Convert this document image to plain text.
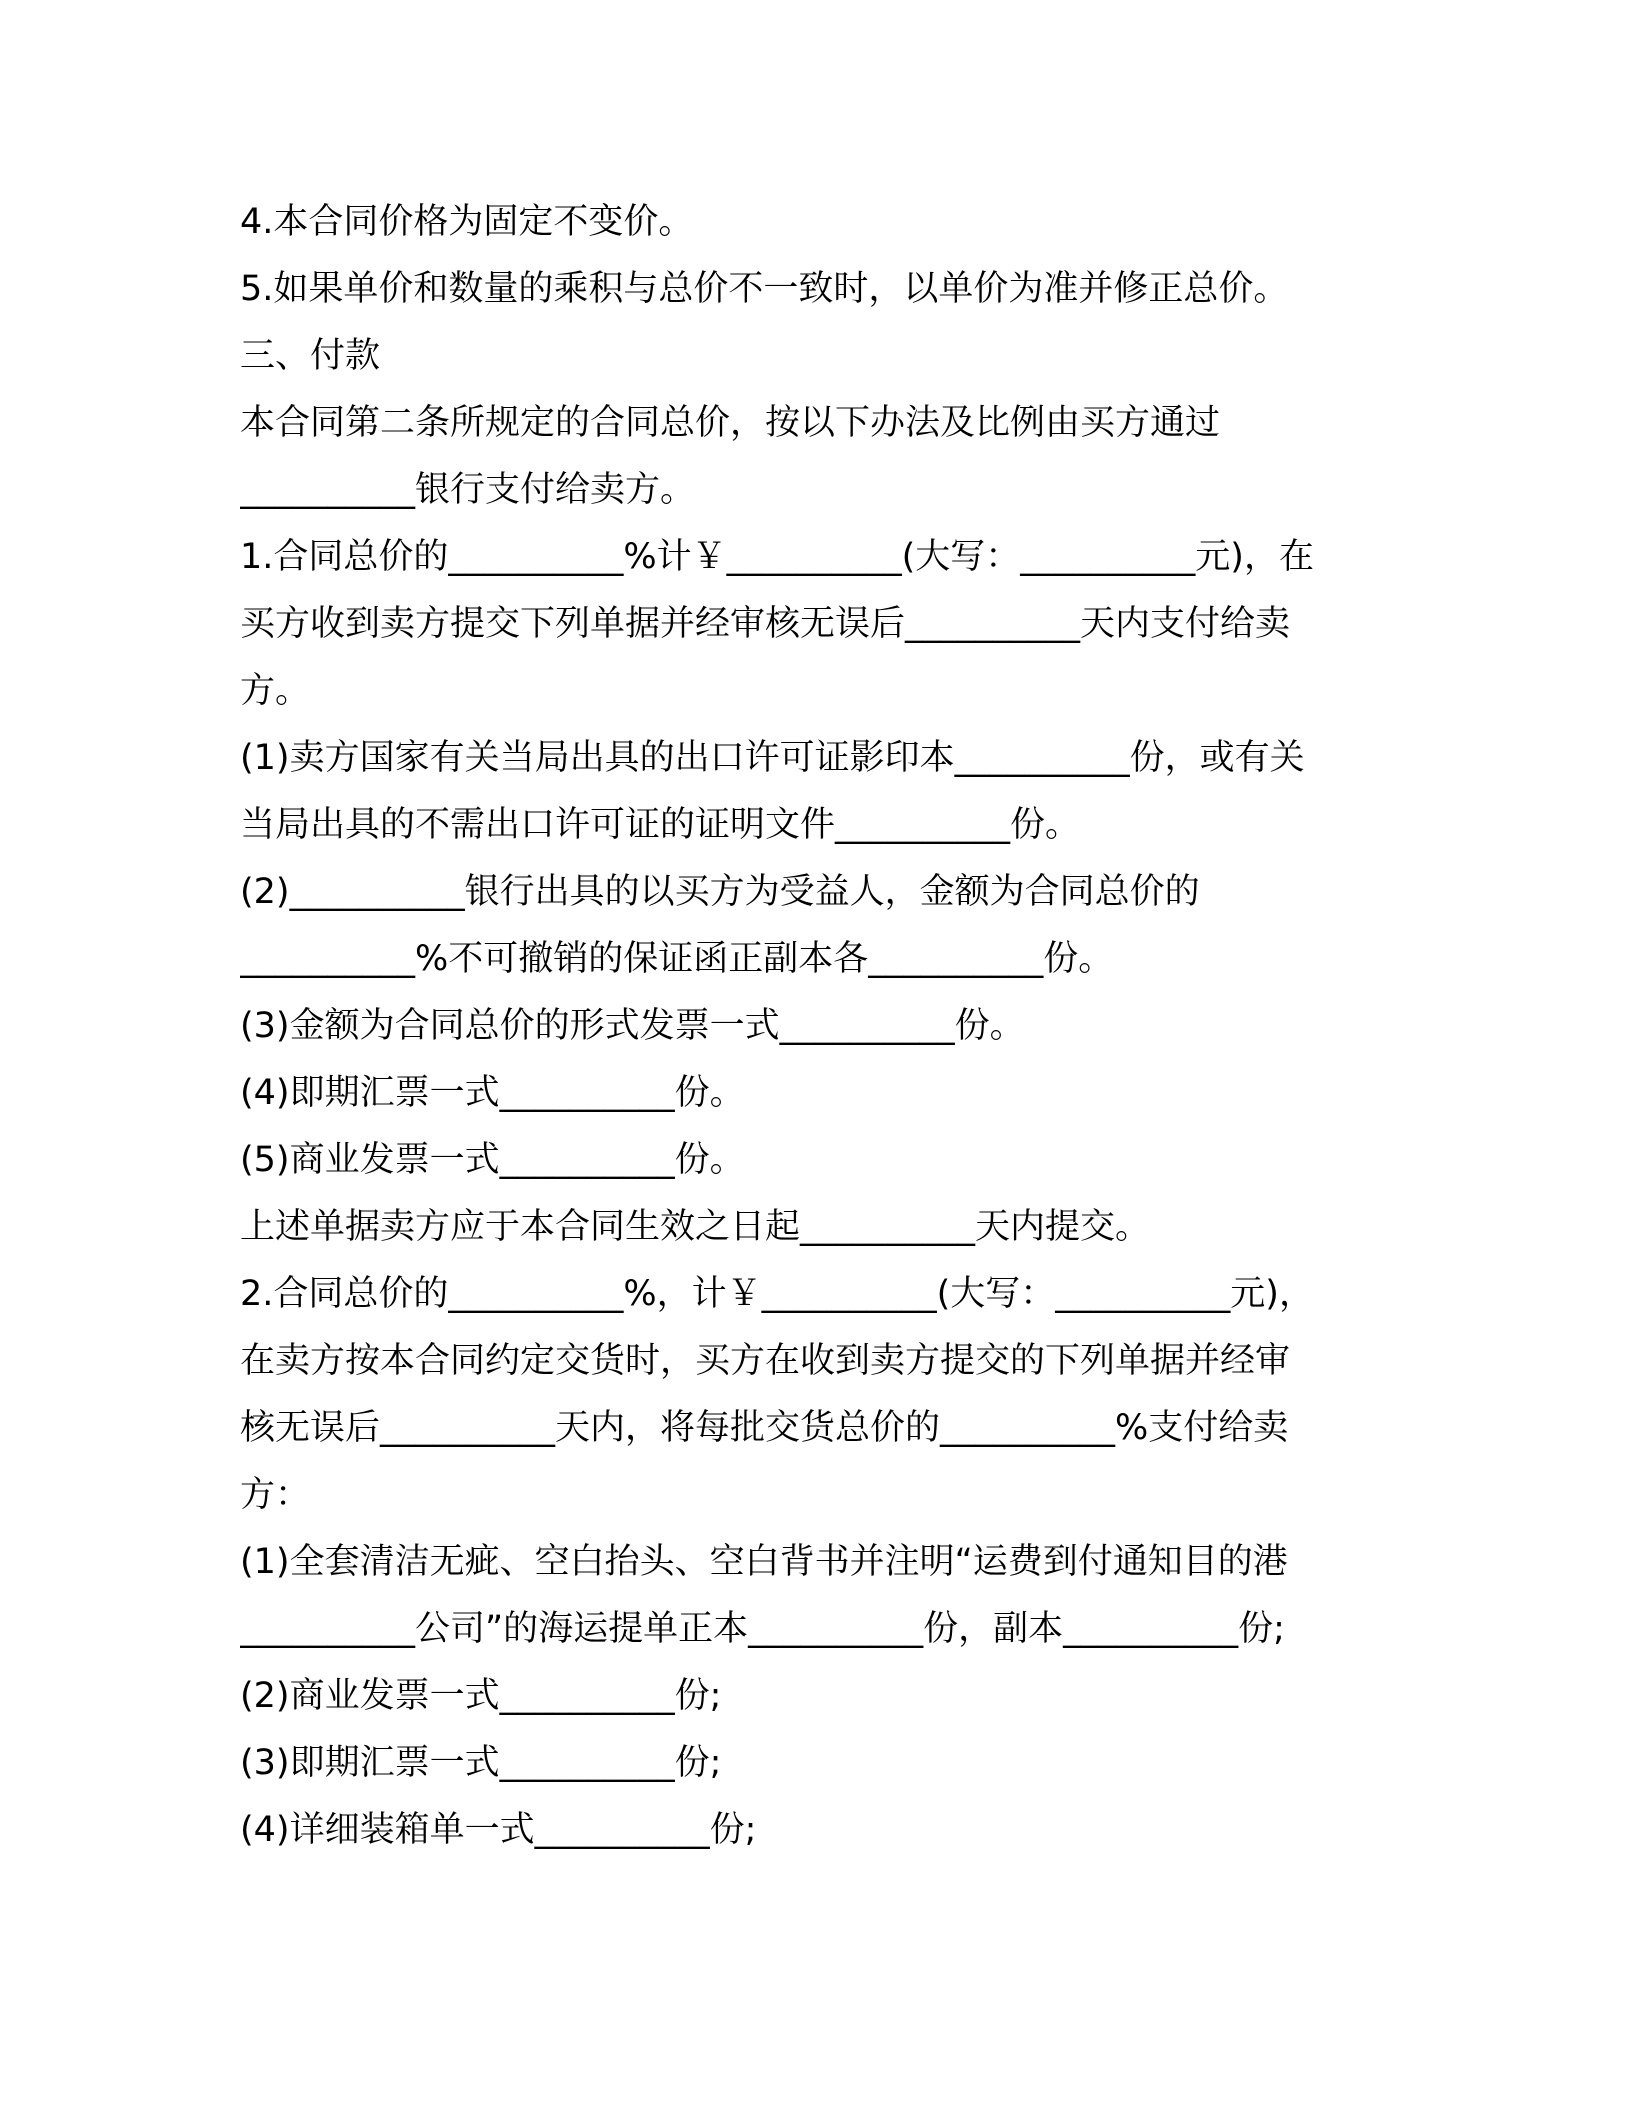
4.本合同价格为固定不变价。
5.如果单价和数量的乘积与总价不一致时，以单价为准并修正总价。
三、付款
本合同第二条所规定的合同总价，按以下办法及比例由买方通过
__________银行支付给卖方。
1.合同总价的__________%计￥__________(大写：__________元)，在
买方收到卖方提交下列单据并经审核无误后__________天内支付给卖
方。
(1)卖方国家有关当局出具的出口许可证影印本__________份，或有关
当局出具的不需出口许可证的证明文件__________份。
(2)__________银行出具的以买方为受益人，金额为合同总价的
__________%不可撤销的保证函正副本各__________份。
(3)金额为合同总价的形式发票一式__________份。
(4)即期汇票一式__________份。
(5)商业发票一式__________份。
上述单据卖方应于本合同生效之日起__________天内提交。
2.合同总价的__________%，计￥__________(大写：__________元)，
在卖方按本合同约定交货时，买方在收到卖方提交的下列单据并经审
核无误后__________天内，将每批交货总价的__________%支付给卖
方：
(1)全套清洁无疵、空白抬头、空白背书并注明“运费到付通知目的港
__________公司”的海运提单正本__________份，副本__________份;
(2)商业发票一式__________份;
(3)即期汇票一式__________份;
(4)详细装箱单一式__________份;
